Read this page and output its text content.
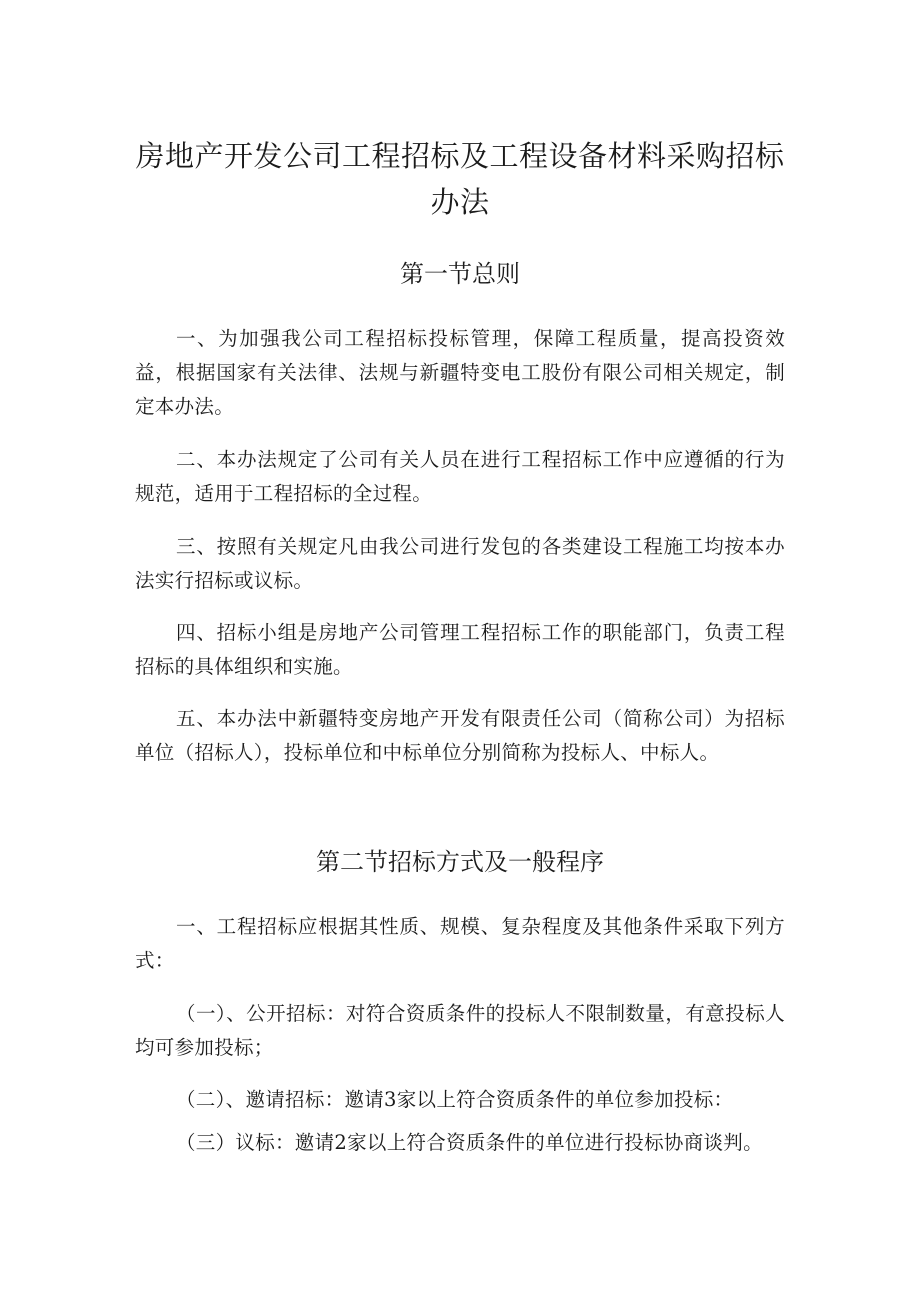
房地产开发公司工程招标及工程设备材料采购招标办法
第一节总则

一、为加强我公司工程招标投标管理，保障工程质量，提高投资效益，根据国家有关法律、法规与新疆特变电工股份有限公司相关规定，制定本办法。

二、本办法规定了公司有关人员在进行工程招标工作中应遵循的行为规范，适用于工程招标的全过程。

三、按照有关规定凡由我公司进行发包的各类建设工程施工均按本办法实行招标或议标。

四、招标小组是房地产公司管理工程招标工作的职能部门，负责工程招标的具体组织和实施。

五、本办法中新疆特变房地产开发有限责任公司（简称公司）为招标单位（招标人），投标单位和中标单位分别简称为投标人、中标人。

第二节招标方式及一般程序

一、工程招标应根据其性质、规模、复杂程度及其他条件采取下列方式：

（一）、公开招标：对符合资质条件的投标人不限制数量，有意投标人均可参加投标；

（二）、邀请招标：邀请3家以上符合资质条件的单位参加投标：

（三）议标：邀请2家以上符合资质条件的单位进行投标协商谈判。
